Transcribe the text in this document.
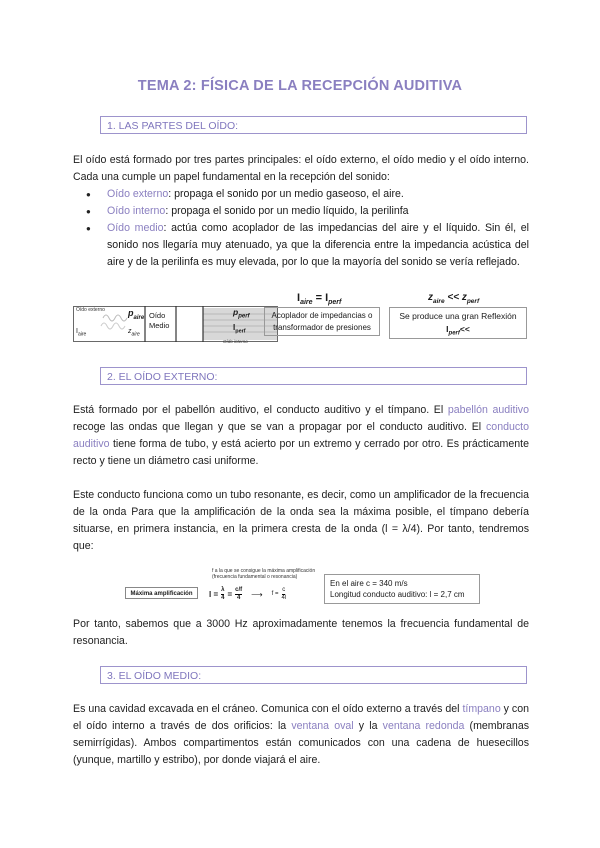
TEMA 2: FÍSICA DE LA RECEPCIÓN AUDITIVA
1. LAS PARTES DEL OÍDO:
El oído está formado por tres partes principales: el oído externo, el oído medio y el oído interno. Cada una cumple un papel fundamental en la recepción del sonido:
● Oído externo: propaga el sonido por un medio gaseoso, el aire.
● Oído interno: propaga el sonido por un medio líquido, la perilinfa
● Oído medio: actúa como acoplador de las impedancias del aire y el líquido. Sin él, el sonido nos llegaría muy atenuado, ya que la diferencia entre la impedancia acústica del aire y de la perilinfa es muy elevada, por lo que la mayoría del sonido se vería reflejado.
Oído externo	$p_{aire}$
$I_{aire}$	$z_{aire}$
Oído
Medio
$p_{perf}$
$I_{perf}$
Oído interno
$I_{aire} = I_{perf}$
Acoplador de impedancias o
transformador de presiones
$z_{aire} << z_{perf}$
Se produce una gran Reflexión
$I_{perf}<<$
2. EL OÍDO EXTERNO:
Está formado por el pabellón auditivo, el conducto auditivo y el tímpano. El pabellón auditivo recoge las ondas que llegan y que se van a propagar por el conducto auditivo. El conducto auditivo tiene forma de tubo, y está acierto por un extremo y cerrado por otro. Es prácticamente recto y tiene un diámetro casi uniforme.
Este conducto funciona como un tubo resonante, es decir, como un amplificador de la frecuencia de la onda Para que la amplificación de la onda sea la máxima posible, el tímpano debería situarse, en primera instancia, en la primera cresta de la onda (l = λ/4). Por tanto, tendremos que:
f a la que se consigue la máxima amplificación
(frecuencia fundamental o resonancia)
Máxima amplificación	$l = \frac{\lambda}{4} = \frac{c/f}{4}$ ⟶ $f = \frac{c}{4l}$
En el aire c = 340 m/s
Longitud conducto auditivo: l = 2,7 cm
Por tanto, sabemos que a 3000 Hz aproximadamente tenemos la frecuencia fundamental de resonancia.
3. EL OÍDO MEDIO:
Es una cavidad excavada en el cráneo. Comunica con el oído externo a través del tímpano y con el oído interno a través de dos orificios: la ventana oval y la ventana redonda (membranas semirrígidas). Ambos compartimentos están comunicados con una cadena de huesecillos (yunque, martillo y estribo), por donde viajará el aire.
